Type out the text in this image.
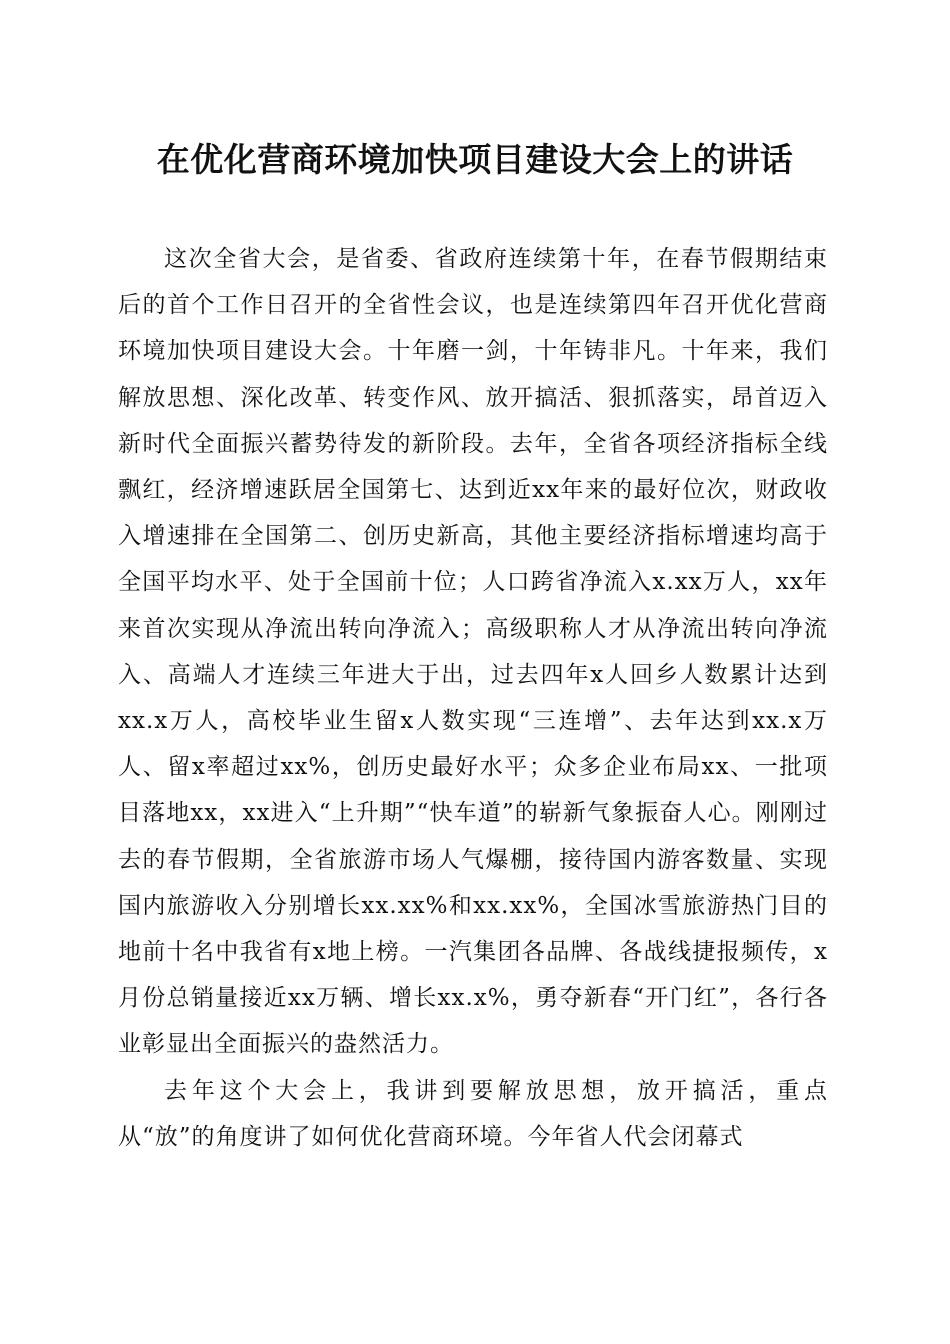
在优化营商环境加快项目建设大会上的讲话

这次全省大会，是省委、省政府连续第十年，在春节假期结束后的首个工作日召开的全省性会议，也是连续第四年召开优化营商环境加快项目建设大会。十年磨一剑，十年铸非凡。十年来，我们解放思想、深化改革、转变作风、放开搞活、狠抓落实，昂首迈入新时代全面振兴蓄势待发的新阶段。去年，全省各项经济指标全线飘红，经济增速跃居全国第七、达到近xx年来的最好位次，财政收入增速排在全国第二、创历史新高，其他主要经济指标增速均高于全国平均水平、处于全国前十位；人口跨省净流入x.xx万人，xx年来首次实现从净流出转向净流入；高级职称人才从净流出转向净流入、高端人才连续三年进大于出，过去四年x人回乡人数累计达到xx.x万人，高校毕业生留x人数实现“三连增”、去年达到xx.x万人、留x率超过xx%，创历史最好水平；众多企业布局xx、一批项目落地xx，xx进入“上升期”“快车道”的崭新气象振奋人心。刚刚过去的春节假期，全省旅游市场人气爆棚，接待国内游客数量、实现国内旅游收入分别增长xx.xx%和xx.xx%，全国冰雪旅游热门目的地前十名中我省有x地上榜。一汽集团各品牌、各战线捷报频传，x月份总销量接近xx万辆、增长xx.x%，勇夺新春“开门红”，各行各业彰显出全面振兴的盎然活力。

去年这个大会上，我讲到要解放思想，放开搞活，重点从“放”的角度讲了如何优化营商环境。今年省人代会闭幕式
